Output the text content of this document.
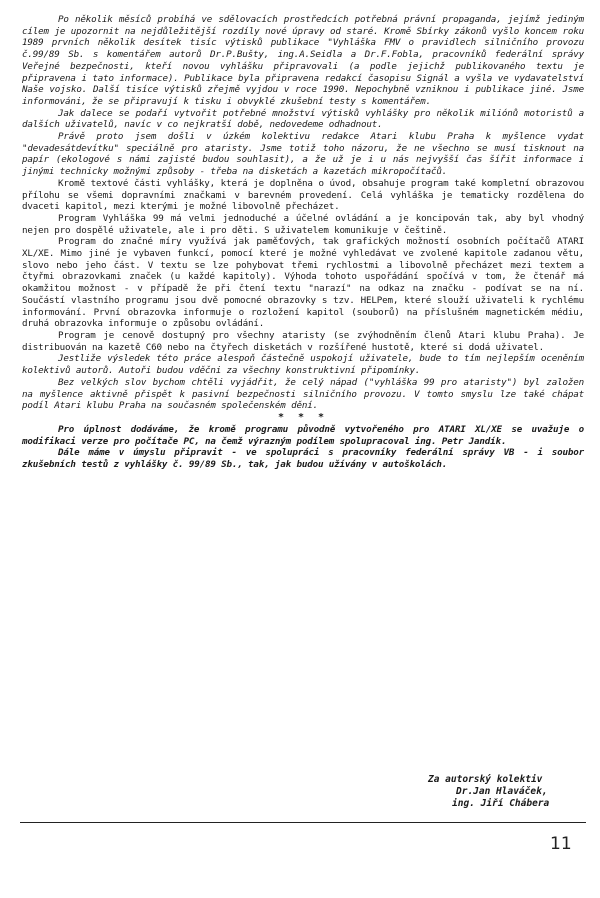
Po několik měsíců probíhá ve sdělovacích prostředcích potřebná právní propaganda, jejímž jediným cílem je upozornit na nejdůležitější rozdíly nové úpravy od staré. Kromě Sbírky zákonů vyšlo koncem roku 1989 prvních několik desítek tisíc výtisků publikace "Vyhláška FMV o pravidlech silničního provozu č.99/89 Sb. s komentářem autorů Dr.P.Bušty, ing.A.Seidla a Dr.F.Fobla, pracovníků federální správy Veřejné bezpečnosti, kteří novou vyhlášku připravovali (a podle jejichž publikovaného textu je připravena i tato informace). Publikace byla připravena redakcí časopisu Signál a vyšla ve vydavatelství Naše vojsko. Další tisíce výtisků zřejmě vyjdou v roce 1990. Nepochybně vzniknou i publikace jiné. Jsme informováni, že se připravují k tisku i obvyklé zkušební testy s komentářem.

Jak dalece se podaří vytvořit potřebné množství výtisků vyhlášky pro několik miliónů motoristů a dalších uživatelů, navíc v co nejkratší době, nedovedeme odhadnout.

Právě proto jsem došli v úzkém kolektivu redakce Atari klubu Praha k myšlence vydat "devadesátdevítku" speciálně pro ataristy. Jsme totiž toho názoru, že ne všechno se musí tisknout na papír (ekologové s námi zajisté budou souhlasit), a že už je i u nás nejvyšší čas šířit informace i jinými technicky možnými způsoby - třeba na disketách a kazetách mikropočítačů.

Kromě textové části vyhlášky, která je doplněna o úvod, obsahuje program také kompletní obrazovou přílohu se všemi dopravními značkami v barevném provedení. Celá vyhláška je tematicky rozdělena do dvaceti kapitol, mezi kterými je možné libovolně přecházet.

Program Vyhláška 99 má velmi jednoduché a účelné ovládání a je koncipován tak, aby byl vhodný nejen pro dospělé uživatele, ale i pro děti. S uživatelem komunikuje v češtině.

Program do značné míry využívá jak paměťových, tak grafických možností osobních počítačů ATARI XL/XE. Mimo jiné je vybaven funkcí, pomocí které je možné vyhledávat ve zvolené kapitole zadanou větu, slovo nebo jeho část. V textu se lze pohybovat třemi rychlostmi a libovolně přecházet mezi textem a čtyřmi obrazovkami značek (u každé kapitoly). Výhoda tohoto uspořádání spočívá v tom, že čtenář má okamžitou možnost - v případě že při čtení textu "narazí" na odkaz na značku - podívat se na ní. Součástí vlastního programu jsou dvě pomocné obrazovky s tzv. HELPem, které slouží uživateli k rychlému informování. První obrazovka informuje o rozložení kapitol (souborů) na příslušném magnetickém médiu, druhá obrazovka informuje o způsobu ovládání.

Program je cenově dostupný pro všechny ataristy (se zvýhodněním členů Atari klubu Praha). Je distribuován na kazetě C60 nebo na čtyřech disketách v rozšířené hustotě, které si dodá uživatel.

Jestliže výsledek této práce alespoň částečně uspokojí uživatele, bude to tím nejlepším oceněním kolektivů autorů. Autoři budou vděčni za všechny konstruktivní připomínky.

Bez velkých slov bychom chtěli vyjádřit, že celý nápad ("vyhláška 99 pro ataristy") byl založen na myšlence aktivně přispět k pasivní bezpečnosti silničního provozu. V tomto smyslu lze také chápat podíl Atari klubu Praha na současném společenském dění.

* * *

Pro úplnost dodáváme, že kromě programu původně vytvořeného pro ATARI XL/XE se uvažuje o modifikaci verze pro počítače PC, na čemž výrazným podílem spolupracoval ing. Petr Jandík.

Dále máme v úmyslu připravit - ve spolupráci s pracovníky federální správy VB - i soubor zkušebních testů z vyhlášky č. 99/89 Sb., tak, jak budou užívány v autoškolách.

Za autorský kolektiv
Dr.Jan Hlaváček,
ing. Jiří Chábera
11
